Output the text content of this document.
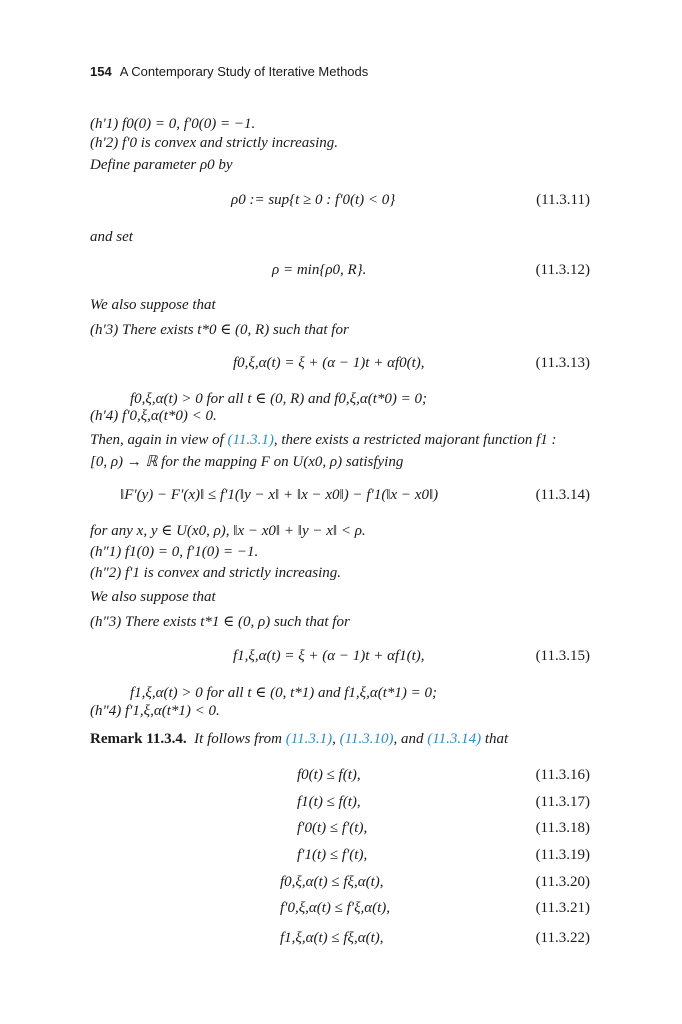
154 A Contemporary Study of Iterative Methods
(h′1) f0(0) = 0, f′0(0) = −1.
(h′2) f′0 is convex and strictly increasing.
Define parameter ρ0 by
ρ0 := sup{t ≥ 0 : f′0(t) < 0}	(11.3.11)
and set
ρ = min{ρ0, R}.	(11.3.12)
We also suppose that
(h′3) There exists t*0 ∈ (0, R) such that for
f0,ξ,α(t) = ξ + (α − 1)t + αf0(t),	(11.3.13)
f0,ξ,α(t) > 0 for all t ∈ (0, R) and f0,ξ,α(t*0) = 0;
(h′4) f′0,ξ,α(t*0) < 0.
Then, again in view of (11.3.1), there exists a restricted majorant function f1 :
[0, ρ) → ℝ for the mapping F on U(x0, ρ) satisfying
‖F′(y) − F′(x)‖ ≤ f′1(‖y − x‖ + ‖x − x0‖) − f′1(‖x − x0‖)	(11.3.14)
for any x, y ∈ U(x0, ρ), ‖x − x0‖ + ‖y − x‖ < ρ.
(h″1) f1(0) = 0, f′1(0) = −1.
(h″2) f′1 is convex and strictly increasing.
We also suppose that
(h″3) There exists t*1 ∈ (0, ρ) such that for
f1,ξ,α(t) = ξ + (α − 1)t + αf1(t),	(11.3.15)
f1,ξ,α(t) > 0 for all t ∈ (0, t*1) and f1,ξ,α(t*1) = 0;
(h″4) f′1,ξ,α(t*1) < 0.
Remark 11.3.4. It follows from (11.3.1), (11.3.10), and (11.3.14) that
f0(t) ≤ f(t),	(11.3.16)
f1(t) ≤ f(t),	(11.3.17)
f′0(t) ≤ f′(t),	(11.3.18)
f′1(t) ≤ f′(t),	(11.3.19)
f0,ξ,α(t) ≤ fξ,α(t),	(11.3.20)
f′0,ξ,α(t) ≤ f′ξ,α(t),	(11.3.21)
f1,ξ,α(t) ≤ fξ,α(t),	(11.3.22)
